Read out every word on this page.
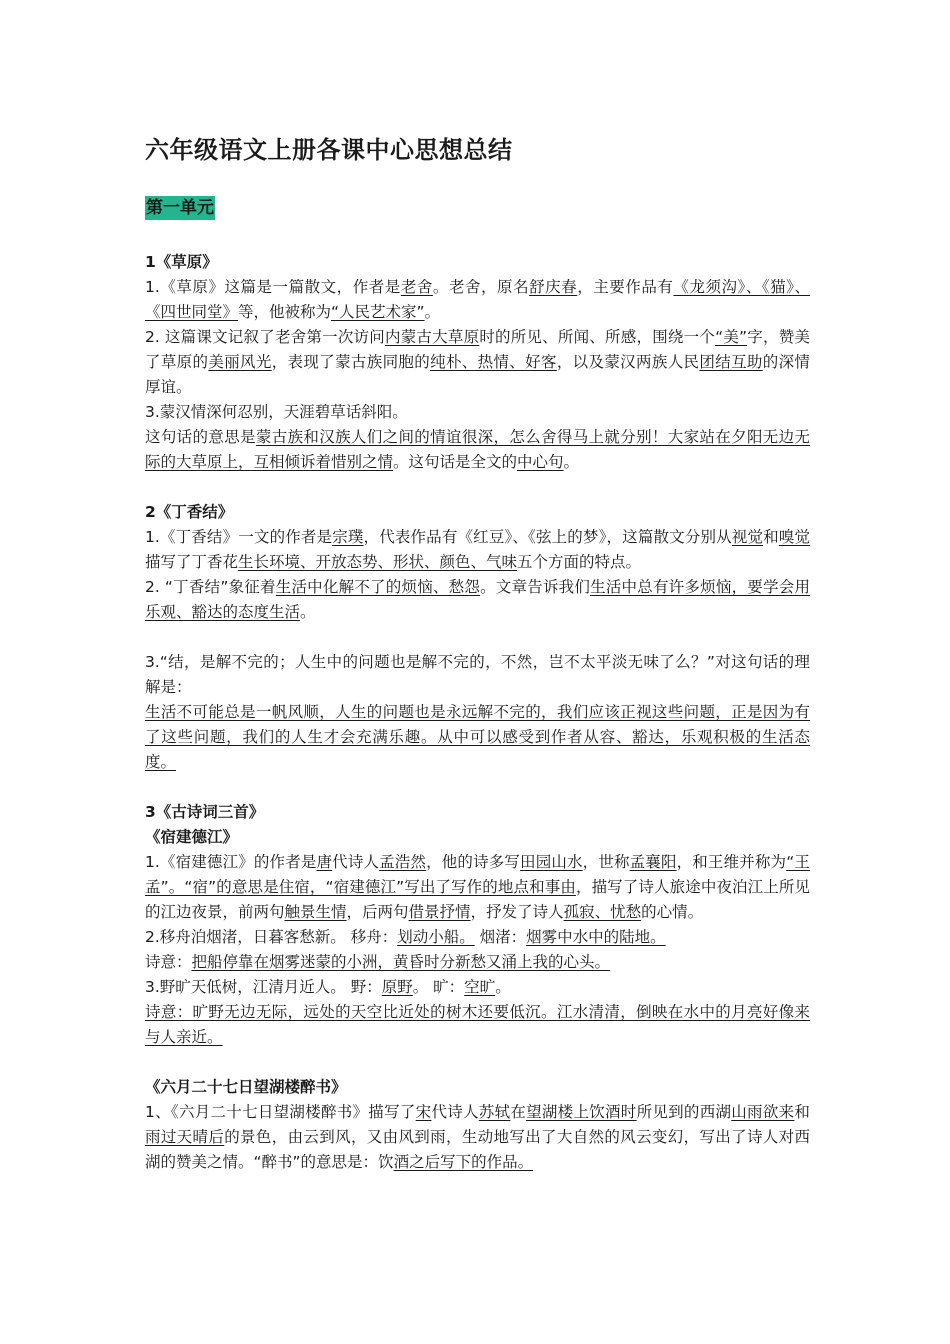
六年级语文上册各课中心思想总结
第一单元
1《草原》

1.《草原》这篇是一篇散文，作者是老舍。老舍，原名舒庆春，主要作品有《龙须沟》、《猫》、《四世同堂》等，他被称为“人民艺术家”。

2. 这篇课文记叙了老舍第一次访问内蒙古大草原时的所见、所闻、所感，围绕一个“美”字，赞美了草原的美丽风光，表现了蒙古族同胞的纯朴、热情、好客，以及蒙汉两族人民团结互助的深情厚谊。

3.蒙汉情深何忍别，天涯碧草话斜阳。

这句话的意思是蒙古族和汉族人们之间的情谊很深，怎么舍得马上就分别！大家站在夕阳无边无际的大草原上，互相倾诉着惜别之情。这句话是全文的中心句。

2《丁香结》

1.《丁香结》一文的作者是宗璞，代表作品有《红豆》、《弦上的梦》，这篇散文分别从视觉和嗅觉描写了丁香花生长环境、开放态势、形状、颜色、气味五个方面的特点。

2. “丁香结”象征着生活中化解不了的烦恼、愁怨。文章告诉我们生活中总有许多烦恼，要学会用乐观、豁达的态度生活。

3.“结，是解不完的；人生中的问题也是解不完的，不然，岂不太平淡无味了么？”对这句话的理解是：

生活不可能总是一帆风顺，人生的问题也是永远解不完的，我们应该正视这些问题，正是因为有了这些问题，我们的人生才会充满乐趣。从中可以感受到作者从容、豁达，乐观积极的生活态度。

3《古诗词三首》
《宿建德江》

1.《宿建德江》的作者是唐代诗人孟浩然，他的诗多写田园山水，世称孟襄阳，和王维并称为“王孟”。“宿”的意思是住宿，“宿建德江”写出了写作的地点和事由，描写了诗人旅途中夜泊江上所见的江边夜景，前两句触景生情，后两句借景抒情，抒发了诗人孤寂、忧愁的心情。

2.移舟泊烟渚，日暮客愁新。 移舟：划动小船。 烟渚：烟雾中水中的陆地。

诗意：把船停靠在烟雾迷蒙的小洲，黄昏时分新愁又涌上我的心头。

3.野旷天低树，江清月近人。 野：原野。 旷：空旷。

诗意：旷野无边无际，远处的天空比近处的树木还要低沉。江水清清，倒映在水中的月亮好像来与人亲近。

《六月二十七日望湖楼醉书》

1、《六月二十七日望湖楼醉书》描写了宋代诗人苏轼在望湖楼上饮酒时所见到的西湖山雨欲来和雨过天晴后的景色，由云到风，又由风到雨，生动地写出了大自然的风云变幻，写出了诗人对西湖的赞美之情。“醉书”的意思是：饮酒之后写下的作品。
